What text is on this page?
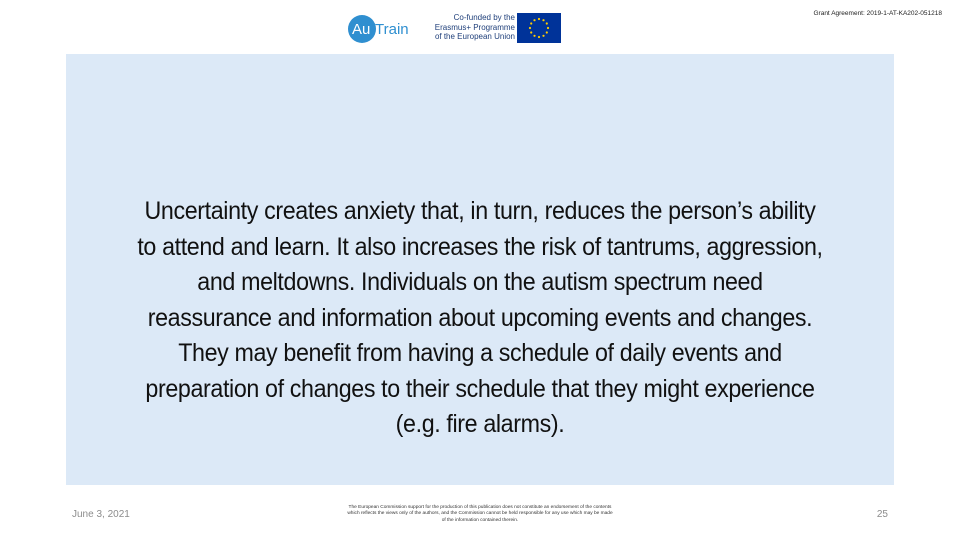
Au Train
Co-funded by the
Erasmus+ Programme
of the European Union
Grant Agreement: 2019-1-AT-KA202-051218
Uncertainty creates anxiety that, in turn, reduces the person’s ability
to attend and learn. It also increases the risk of tantrums, aggression,
and meltdowns. Individuals on the autism spectrum need
reassurance and information about upcoming events and changes.
They may benefit from having a schedule of daily events and
preparation of changes to their schedule that they might experience
(e.g. fire alarms).
June 3, 2021
The European Commission support for the production of this publication does not constitute an endorsement of the contents
which reflects the views only of the authors, and the Commission cannot be held responsible for any use which may be made
of the information contained therein.
25
